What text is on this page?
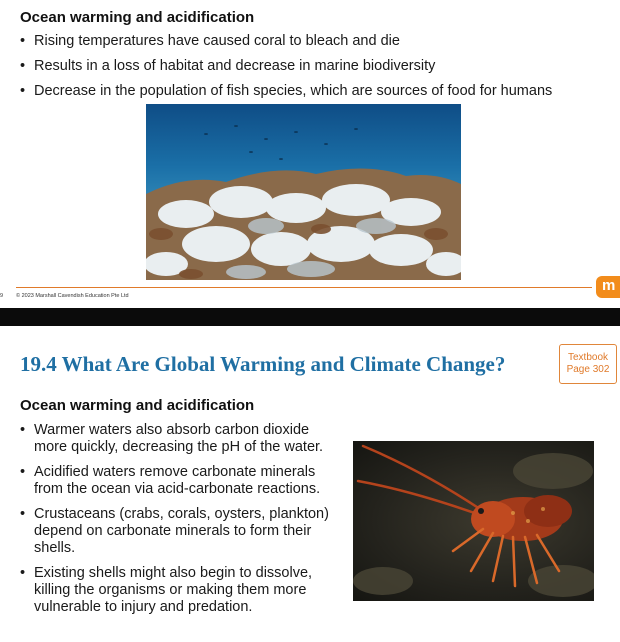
Ocean warming and acidification
• Rising temperatures have caused coral to bleach and die
• Results in a loss of habitat and decrease in marine biodiversity
• Decrease in the population of fish species, which are sources of food for humans
m
9 © 2023 Marshall Cavendish Education Pte Ltd
19.4 What Are Global Warming and Climate Change?	Textbook
Page 302
Ocean warming and acidification
• Warmer waters also absorb carbon dioxide more quickly, decreasing the pH of the water.
• Acidified waters remove carbonate minerals from the ocean via acid-carbonate reactions.
• Crustaceans (crabs, corals, oysters, plankton) depend on carbonate minerals to form their shells.
• Existing shells might also begin to dissolve, killing the organisms or making them more vulnerable to injury and predation.
